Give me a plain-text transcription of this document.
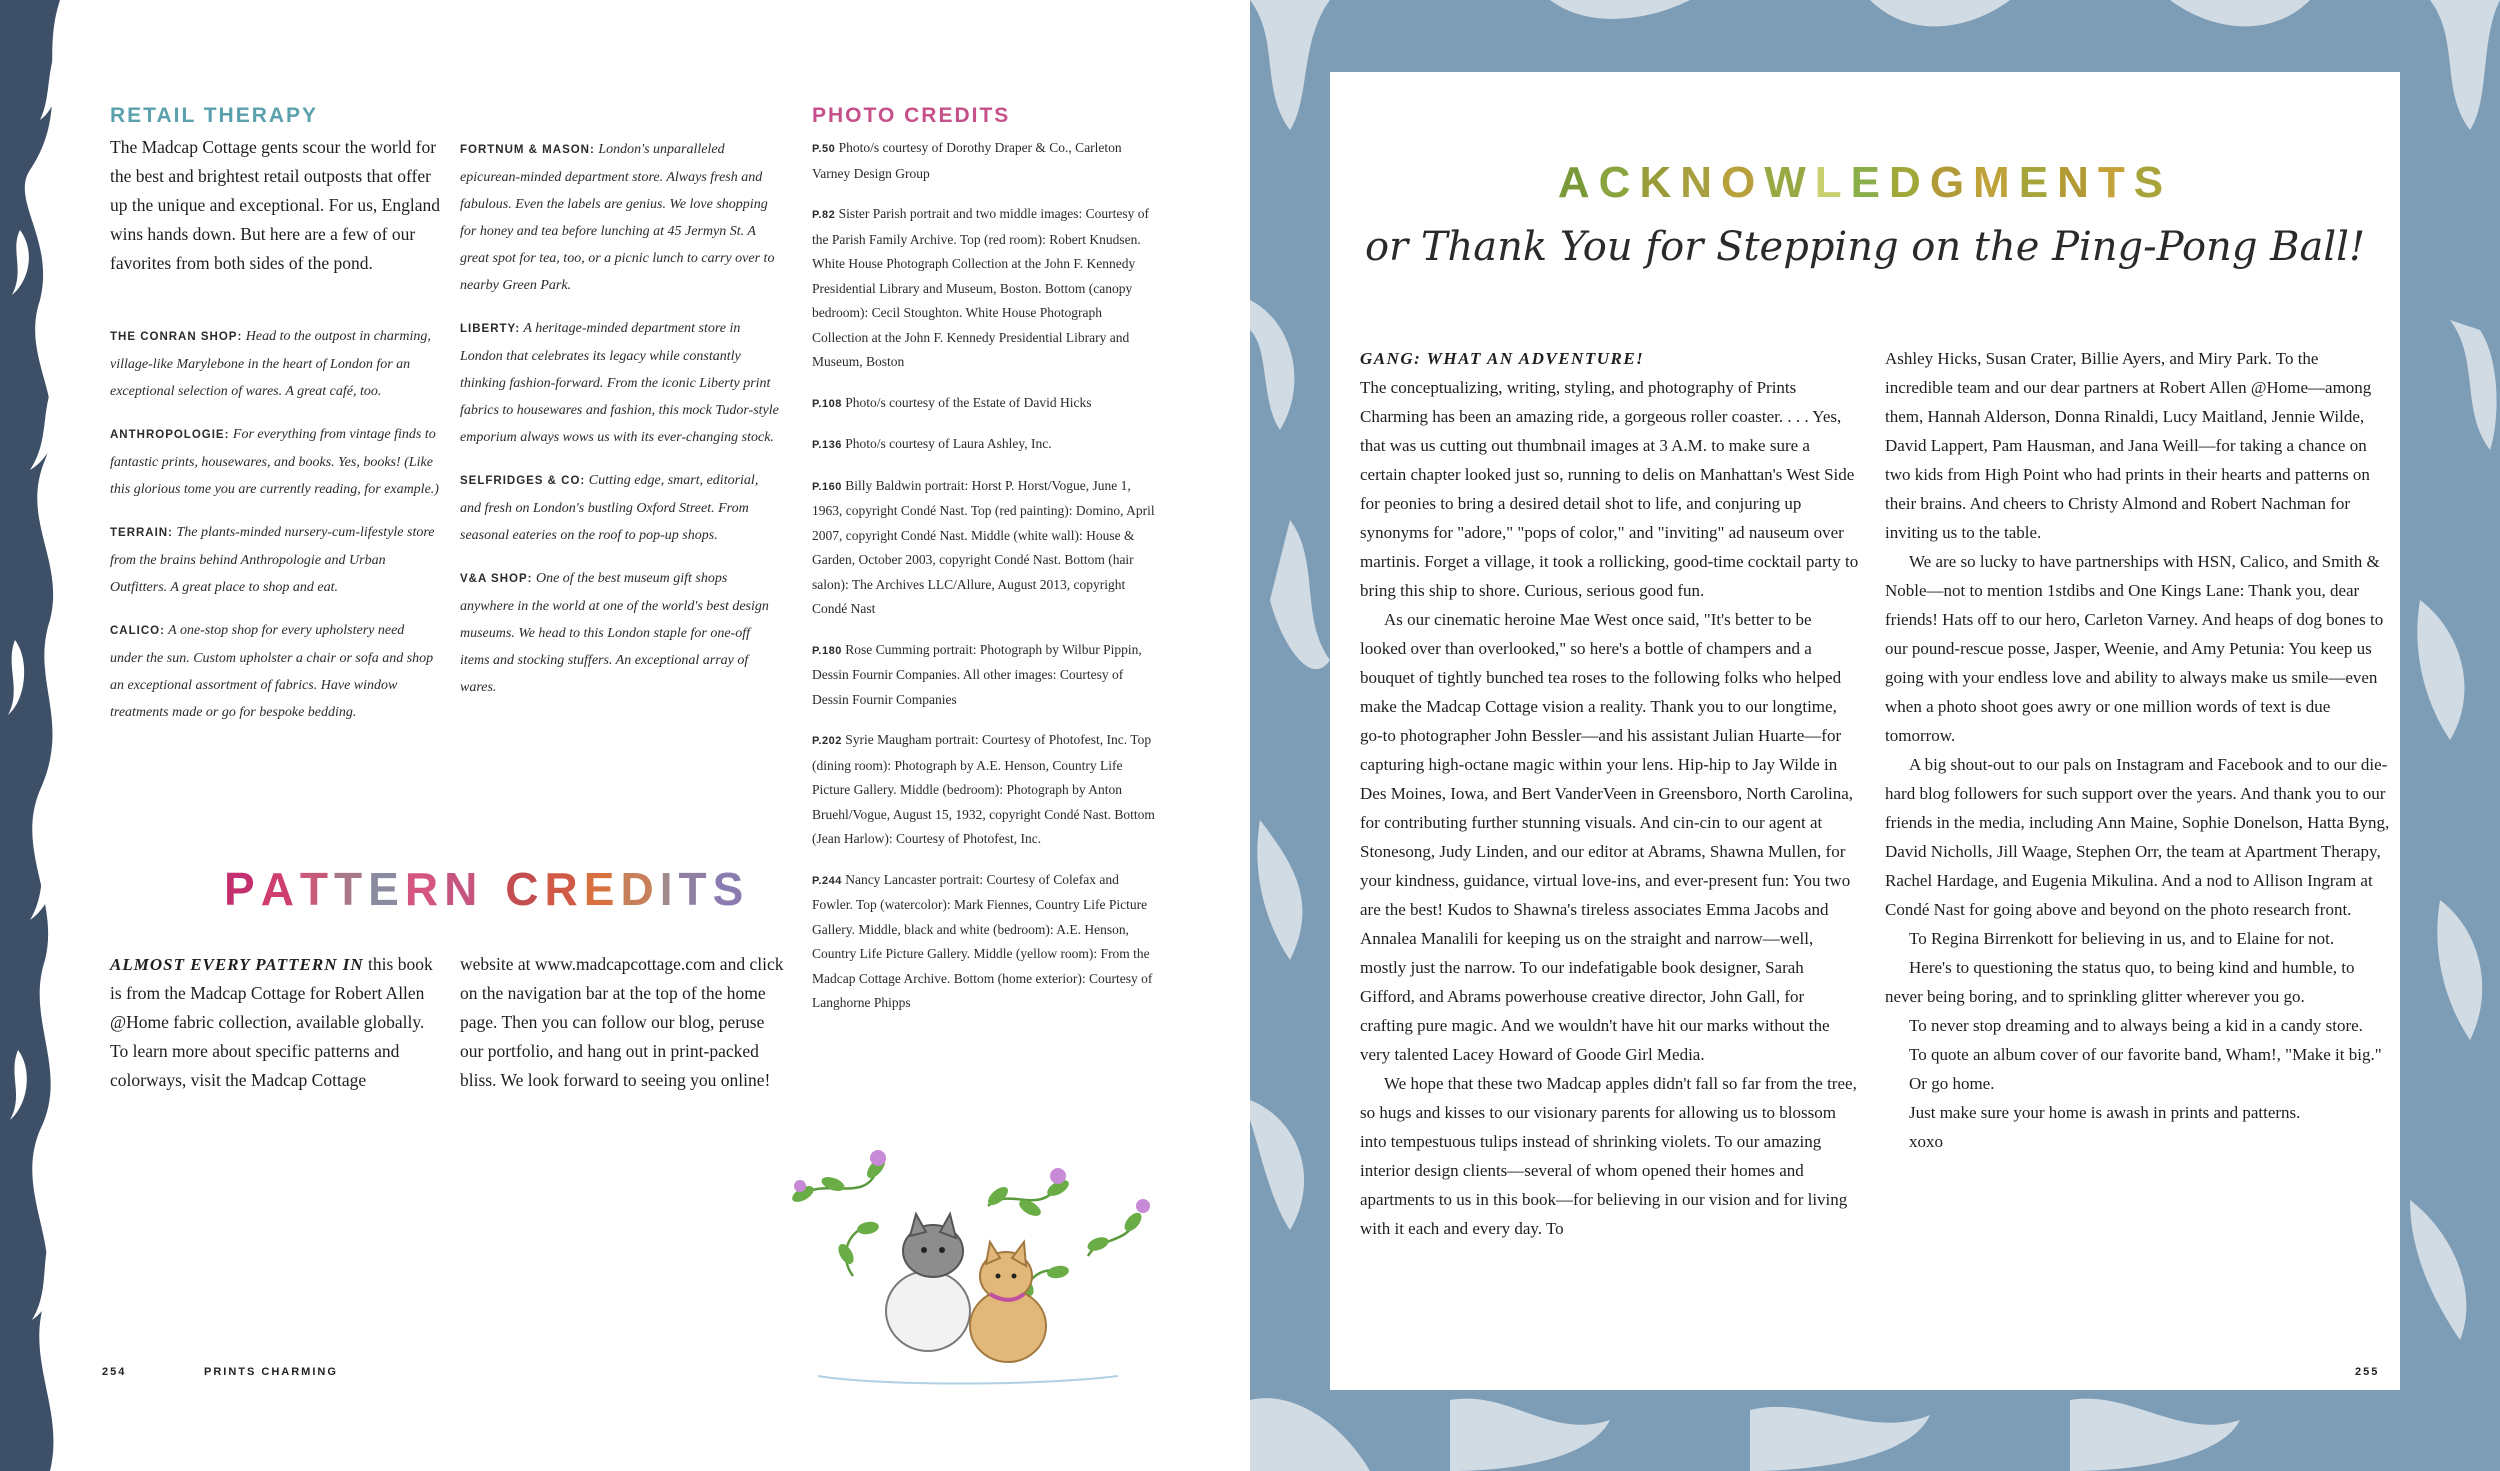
RETAIL THERAPY
The Madcap Cottage gents scour the world for the best and brightest retail outposts that offer up the unique and exceptional. For us, England wins hands down. But here are a few of our favorites from both sides of the pond.

THE CONRAN SHOP: Head to the outpost in charming, village-like Marylebone in the heart of London for an exceptional selection of wares. A great café, too.

ANTHROPOLOGIE: For everything from vintage finds to fantastic prints, housewares, and books. Yes, books! (Like this glorious tome you are currently reading, for example.)

TERRAIN: The plants-minded nursery-cum-lifestyle store from the brains behind Anthropologie and Urban Outfitters. A great place to shop and eat.

CALICO: A one-stop shop for every upholstery need under the sun. Custom upholster a chair or sofa and shop an exceptional assortment of fabrics. Have window treatments made or go for bespoke bedding.

FORTNUM & MASON: London's unparalleled epicurean-minded department store. Always fresh and fabulous. Even the labels are genius. We love shopping for honey and tea before lunching at 45 Jermyn St. A great spot for tea, too, or a picnic lunch to carry over to nearby Green Park.

LIBERTY: A heritage-minded department store in London that celebrates its legacy while constantly thinking fashion-forward. From the iconic Liberty print fabrics to housewares and fashion, this mock Tudor-style emporium always wows us with its ever-changing stock.

SELFRIDGES & CO: Cutting edge, smart, editorial, and fresh on London's bustling Oxford Street. From seasonal eateries on the roof to pop-up shops.

V&A SHOP: One of the best museum gift shops anywhere in the world at one of the world's best design museums. We head to this London staple for one-off items and stocking stuffers. An exceptional array of wares.

PHOTO CREDITS

P.50 Photo/s courtesy of Dorothy Draper & Co., Carleton Varney Design Group

P.82 Sister Parish portrait and two middle images: Courtesy of the Parish Family Archive. Top (red room): Robert Knudsen. White House Photograph Collection at the John F. Kennedy Presidential Library and Museum, Boston. Bottom (canopy bedroom): Cecil Stoughton. White House Photograph Collection at the John F. Kennedy Presidential Library and Museum, Boston

P.108 Photo/s courtesy of the Estate of David Hicks

P.136 Photo/s courtesy of Laura Ashley, Inc.

P.160 Billy Baldwin portrait: Horst P. Horst/Vogue, June 1, 1963, copyright Condé Nast. Top (red painting): Domino, April 2007, copyright Condé Nast. Middle (white wall): House & Garden, October 2003, copyright Condé Nast. Bottom (hair salon): The Archives LLC/Allure, August 2013, copyright Condé Nast

P.180 Rose Cumming portrait: Photograph by Wilbur Pippin, Dessin Fournir Companies. All other images: Courtesy of Dessin Fournir Companies

P.202 Syrie Maugham portrait: Courtesy of Photofest, Inc. Top (dining room): Photograph by A.E. Henson, Country Life Picture Gallery. Middle (bedroom): Photograph by Anton Bruehl/Vogue, August 15, 1932, copyright Condé Nast. Bottom (Jean Harlow): Courtesy of Photofest, Inc.

P.244 Nancy Lancaster portrait: Courtesy of Colefax and Fowler. Top (watercolor): Mark Fiennes, Country Life Picture Gallery. Middle, black and white (bedroom): A.E. Henson, Country Life Picture Gallery. Middle (yellow room): From the Madcap Cottage Archive. Bottom (home exterior): Courtesy of Langhorne Phipps

PATTERN CREDITS
ALMOST EVERY PATTERN IN this book is from the Madcap Cottage for Robert Allen @Home fabric collection, available globally. To learn more about specific patterns and colorways, visit the Madcap Cottage
website at www.madcapcottage.com and click on the navigation bar at the top of the home page. Then you can follow our blog, peruse our portfolio, and hang out in print-packed bliss. We look forward to seeing you online!
254	PRINTS CHARMING
ACKNOWLEDGMENTS
or Thank You for Stepping on the Ping-Pong Ball!
GANG: WHAT AN ADVENTURE!

The conceptualizing, writing, styling, and photography of Prints Charming has been an amazing ride, a gorgeous roller coaster. . . . Yes, that was us cutting out thumbnail images at 3 A.M. to make sure a certain chapter looked just so, running to delis on Manhattan's West Side for peonies to bring a desired detail shot to life, and conjuring up synonyms for "adore," "pops of color," and "inviting" ad nauseum over martinis. Forget a village, it took a rollicking, good-time cocktail party to bring this ship to shore. Curious, serious good fun.

As our cinematic heroine Mae West once said, "It's better to be looked over than overlooked," so here's a bottle of champers and a bouquet of tightly bunched tea roses to the following folks who helped make the Madcap Cottage vision a reality. Thank you to our longtime, go-to photographer John Bessler—and his assistant Julian Huarte—for capturing high-octane magic within your lens. Hip-hip to Jay Wilde in Des Moines, Iowa, and Bert VanderVeen in Greensboro, North Carolina, for contributing further stunning visuals. And cin-cin to our agent at Stonesong, Judy Linden, and our editor at Abrams, Shawna Mullen, for your kindness, guidance, virtual love-ins, and ever-present fun: You two are the best! Kudos to Shawna's tireless associates Emma Jacobs and Annalea Manalili for keeping us on the straight and narrow—well, mostly just the narrow. To our indefatigable book designer, Sarah Gifford, and Abrams powerhouse creative director, John Gall, for crafting pure magic. And we wouldn't have hit our marks without the very talented Lacey Howard of Goode Girl Media.

We hope that these two Madcap apples didn't fall so far from the tree, so hugs and kisses to our visionary parents for allowing us to blossom into tempestuous tulips instead of shrinking violets. To our amazing interior design clients—several of whom opened their homes and apartments to us in this book—for believing in our vision and for living with it each and every day. To

Ashley Hicks, Susan Crater, Billie Ayers, and Miry Park. To the incredible team and our dear partners at Robert Allen @Home—among them, Hannah Alderson, Donna Rinaldi, Lucy Maitland, Jennie Wilde, David Lappert, Pam Hausman, and Jana Weill—for taking a chance on two kids from High Point who had prints in their hearts and patterns on their brains. And cheers to Christy Almond and Robert Nachman for inviting us to the table.

We are so lucky to have partnerships with HSN, Calico, and Smith & Noble—not to mention 1stdibs and One Kings Lane: Thank you, dear friends! Hats off to our hero, Carleton Varney. And heaps of dog bones to our pound-rescue posse, Jasper, Weenie, and Amy Petunia: You keep us going with your endless love and ability to always make us smile—even when a photo shoot goes awry or one million words of text is due tomorrow.

A big shout-out to our pals on Instagram and Facebook and to our die-hard blog followers for such support over the years. And thank you to our friends in the media, including Ann Maine, Sophie Donelson, Hatta Byng, David Nicholls, Jill Waage, Stephen Orr, the team at Apartment Therapy, Rachel Hardage, and Eugenia Mikulina. And a nod to Allison Ingram at Condé Nast for going above and beyond on the photo research front.

To Regina Birrenkott for believing in us, and to Elaine for not.

Here's to questioning the status quo, to being kind and humble, to never being boring, and to sprinkling glitter wherever you go.

To never stop dreaming and to always being a kid in a candy store.

To quote an album cover of our favorite band, Wham!, "Make it big."

Or go home.

Just make sure your home is awash in prints and patterns.

xoxo

255
